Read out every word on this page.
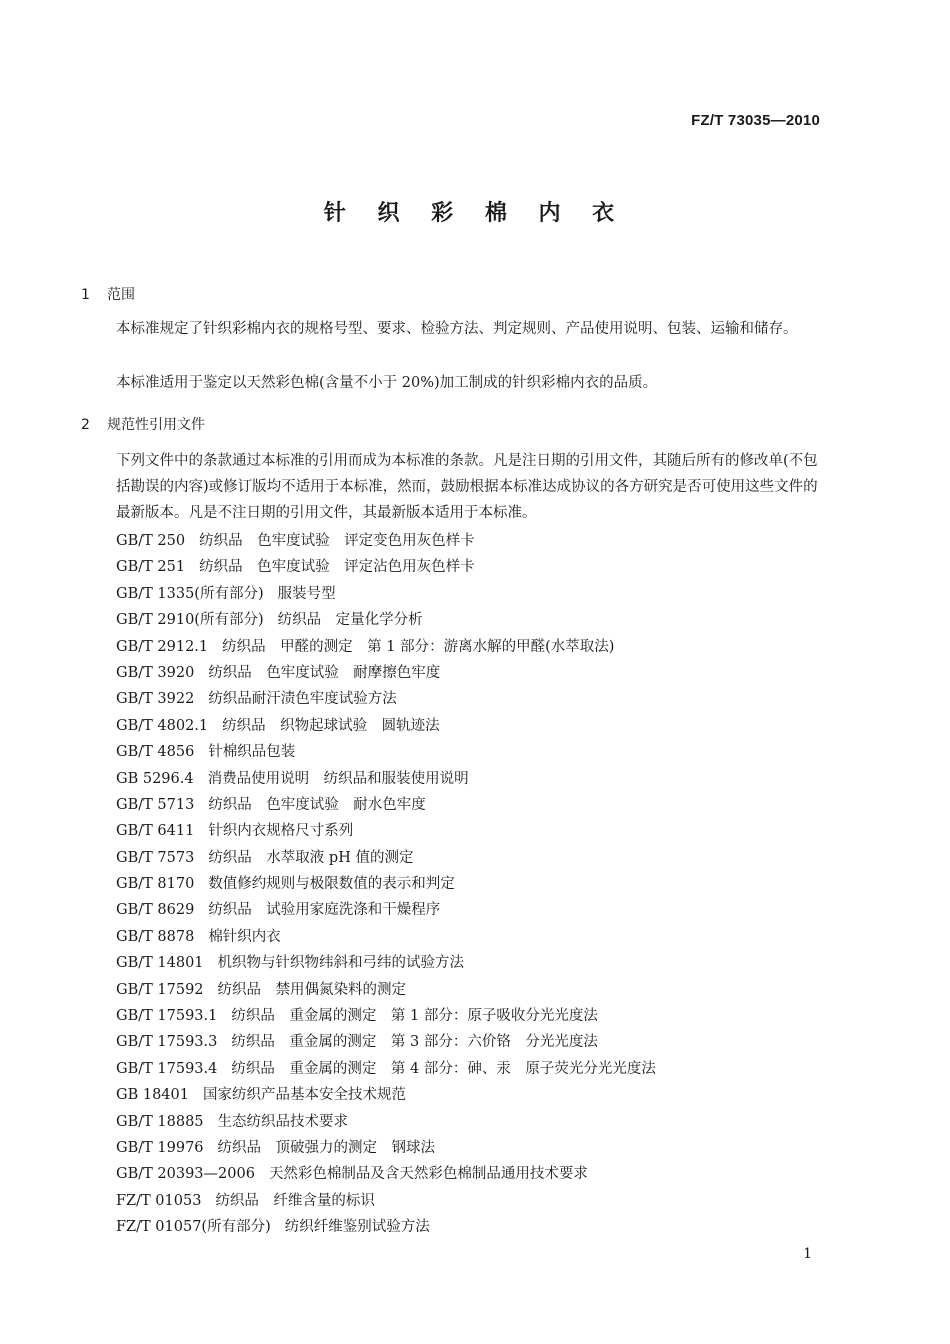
FZ/T 73035—2010
针 织 彩 棉 内 衣
1 范围
本标准规定了针织彩棉内衣的规格号型、要求、检验方法、判定规则、产品使用说明、包装、运输和储存。
本标准适用于鉴定以天然彩色棉(含量不小于 20%)加工制成的针织彩棉内衣的品质。
2 规范性引用文件
下列文件中的条款通过本标准的引用而成为本标准的条款。凡是注日期的引用文件，其随后所有的修改单(不包括勘误的内容)或修订版均不适用于本标准，然而，鼓励根据本标准达成协议的各方研究是否可使用这些文件的最新版本。凡是不注日期的引用文件，其最新版本适用于本标准。
GB/T 250 纺织品　色牢度试验　评定变色用灰色样卡
GB/T 251 纺织品　色牢度试验　评定沾色用灰色样卡
GB/T 1335(所有部分) 服装号型
GB/T 2910(所有部分) 纺织品　定量化学分析
GB/T 2912.1 纺织品　甲醛的测定　第 1 部分：游离水解的甲醛(水萃取法)
GB/T 3920 纺织品　色牢度试验　耐摩擦色牢度
GB/T 3922 纺织品耐汗渍色牢度试验方法
GB/T 4802.1 纺织品　织物起球试验　圆轨迹法
GB/T 4856 针棉织品包装
GB 5296.4 消费品使用说明　纺织品和服装使用说明
GB/T 5713 纺织品　色牢度试验　耐水色牢度
GB/T 6411 针织内衣规格尺寸系列
GB/T 7573 纺织品　水萃取液 pH 值的测定
GB/T 8170 数值修约规则与极限数值的表示和判定
GB/T 8629 纺织品　试验用家庭洗涤和干燥程序
GB/T 8878 棉针织内衣
GB/T 14801 机织物与针织物纬斜和弓纬的试验方法
GB/T 17592 纺织品　禁用偶氮染料的测定
GB/T 17593.1 纺织品　重金属的测定　第 1 部分：原子吸收分光光度法
GB/T 17593.3 纺织品　重金属的测定　第 3 部分：六价铬　分光光度法
GB/T 17593.4 纺织品　重金属的测定　第 4 部分：砷、汞　原子荧光分光光度法
GB 18401 国家纺织产品基本安全技术规范
GB/T 18885 生态纺织品技术要求
GB/T 19976 纺织品　顶破强力的测定　钢球法
GB/T 20393—2006 天然彩色棉制品及含天然彩色棉制品通用技术要求
FZ/T 01053 纺织品　纤维含量的标识
FZ/T 01057(所有部分) 纺织纤维鉴别试验方法
1
